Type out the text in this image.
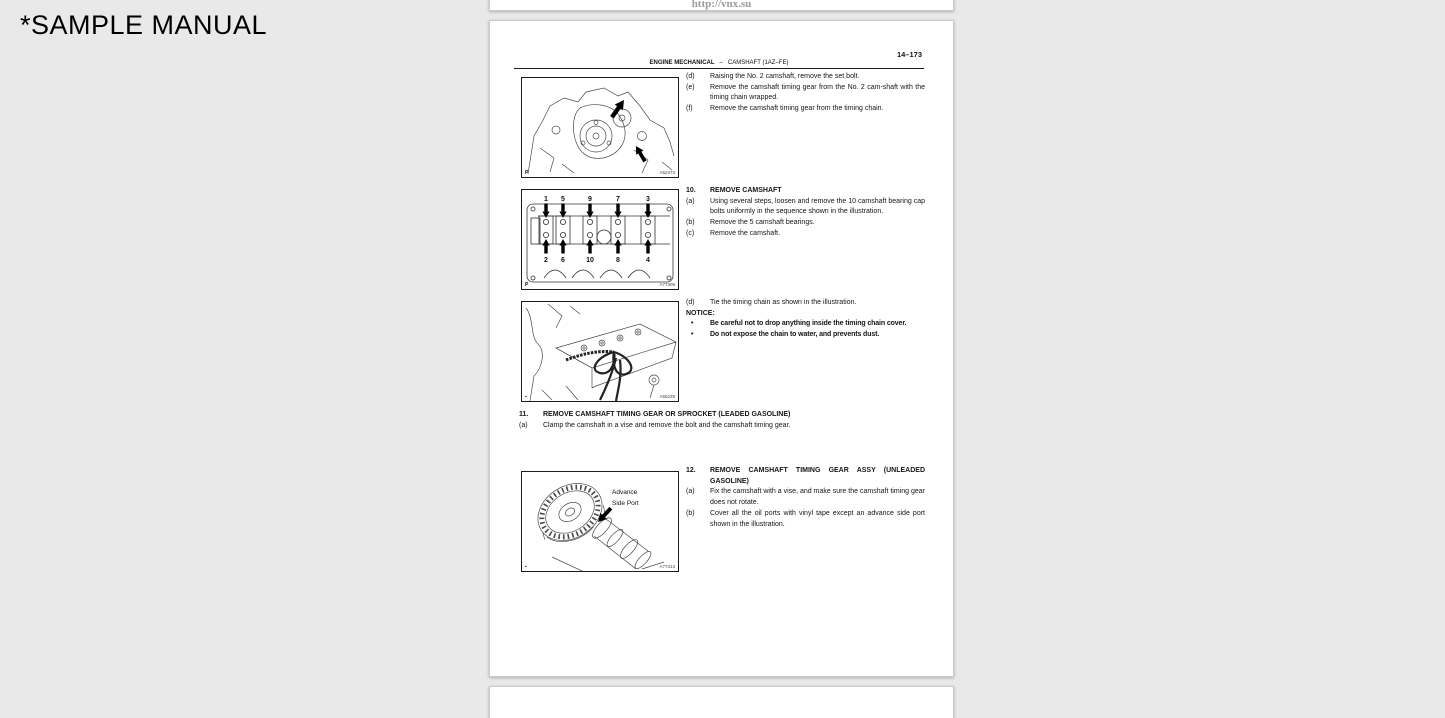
*SAMPLE MANUAL
http://vnx.su
14–173
ENGINE MECHANICAL – CAMSHAFT (1AZ–FE)
P	A52473
1 5	9	7	3
2 6	10	8	4
P	A77309
▪	A56228
Advance
Side Port
▪	A77413
(d) Raising the No. 2 camshaft, remove the set bolt.
(e) Remove the camshaft timing gear from the No. 2 cam-shaft with the timing chain wrapped.
(f) Remove the camshaft timing gear from the timing chain.
10. REMOVE CAMSHAFT
(a) Using several steps, loosen and remove the 10 camshaft bearing cap bolts uniformly in the sequence shown in the illustration.
(b) Remove the 5 camshaft bearings.
(c) Remove the camshaft.
(d) Tie the timing chain as shown in the illustration.
NOTICE:
• Be careful not to drop anything inside the timing chain cover.
• Do not expose the chain to water, and prevents dust.
11. REMOVE CAMSHAFT TIMING GEAR OR SPROCKET (LEADED GASOLINE)
(a) Clamp the camshaft in a vise and remove the bolt and the camshaft timing gear.
12. REMOVE CAMSHAFT TIMING GEAR ASSY (UNLEADED GASOLINE)
(a) Fix the camshaft with a vise, and make sure the camshaft timing gear does not rotate.
(b) Cover all the oil ports with vinyl tape except an advance side port shown in the illustration.
